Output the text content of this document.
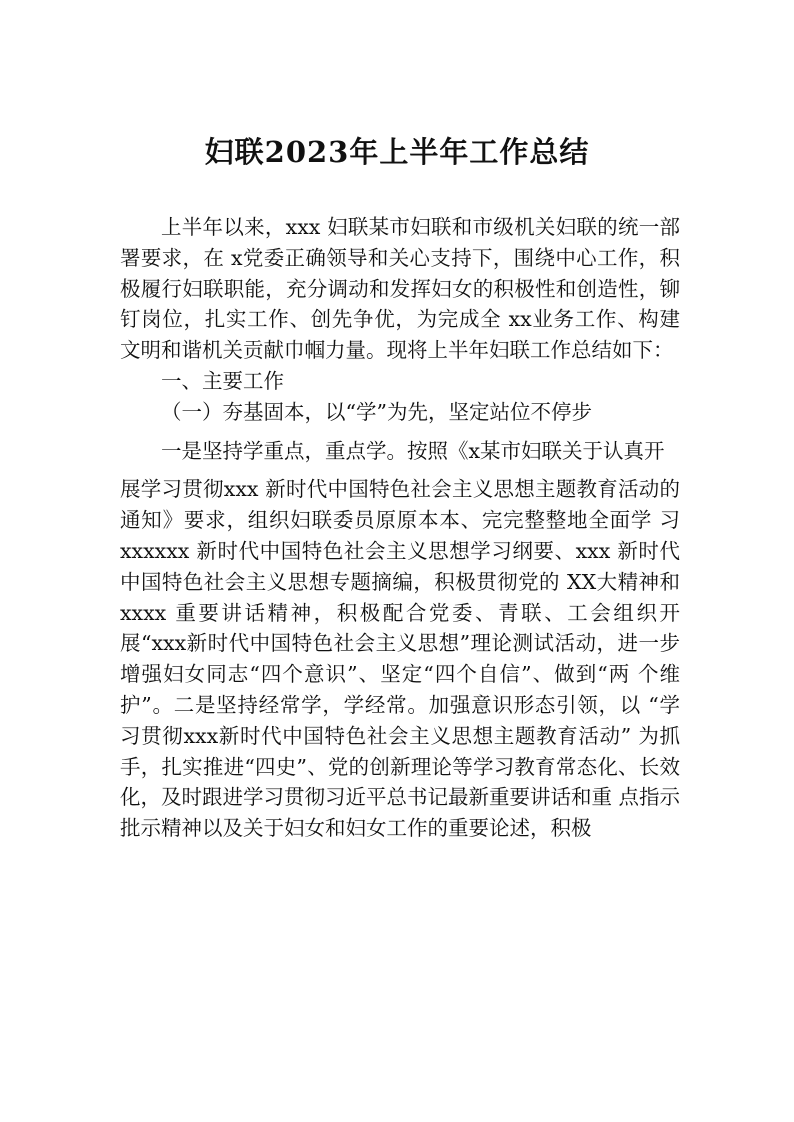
妇联2023年上半年工作总结

上半年以来，xxx 妇联某市妇联和市级机关妇联的统一部署要求，在 x党委正确领导和关心支持下，围绕中心工作，积极履行妇联职能，充分调动和发挥妇女的积极性和创造性，铆钉岗位，扎实工作、创先争优，为完成全 xx业务工作、构建文明和谐机关贡献巾帼力量。现将上半年妇联工作总结如下：

一、主要工作

（一）夯基固本，以“学”为先，坚定站位不停步

一是坚持学重点，重点学。按照《x某市妇联关于认真开

展学习贯彻xxx 新时代中国特色社会主义思想主题教育活动的通知》要求，组织妇联委员原原本本、完完整整地全面学 习xxxxxx 新时代中国特色社会主义思想学习纲要、xxx 新时代中国特色社会主义思想专题摘编，积极贯彻党的 XX大精神和xxxx 重要讲话精神，积极配合党委、青联、工会组织开展“xxx新时代中国特色社会主义思想”理论测试活动，进一步增强妇女同志“四个意识”、坚定“四个自信”、做到“两 个维护”。二是坚持经常学，学经常。加强意识形态引领，以 “学习贯彻xxx新时代中国特色社会主义思想主题教育活动” 为抓手，扎实推进“四史”、党的创新理论等学习教育常态化、长效化，及时跟进学习贯彻习近平总书记最新重要讲话和重 点指示批示精神以及关于妇女和妇女工作的重要论述，积极
